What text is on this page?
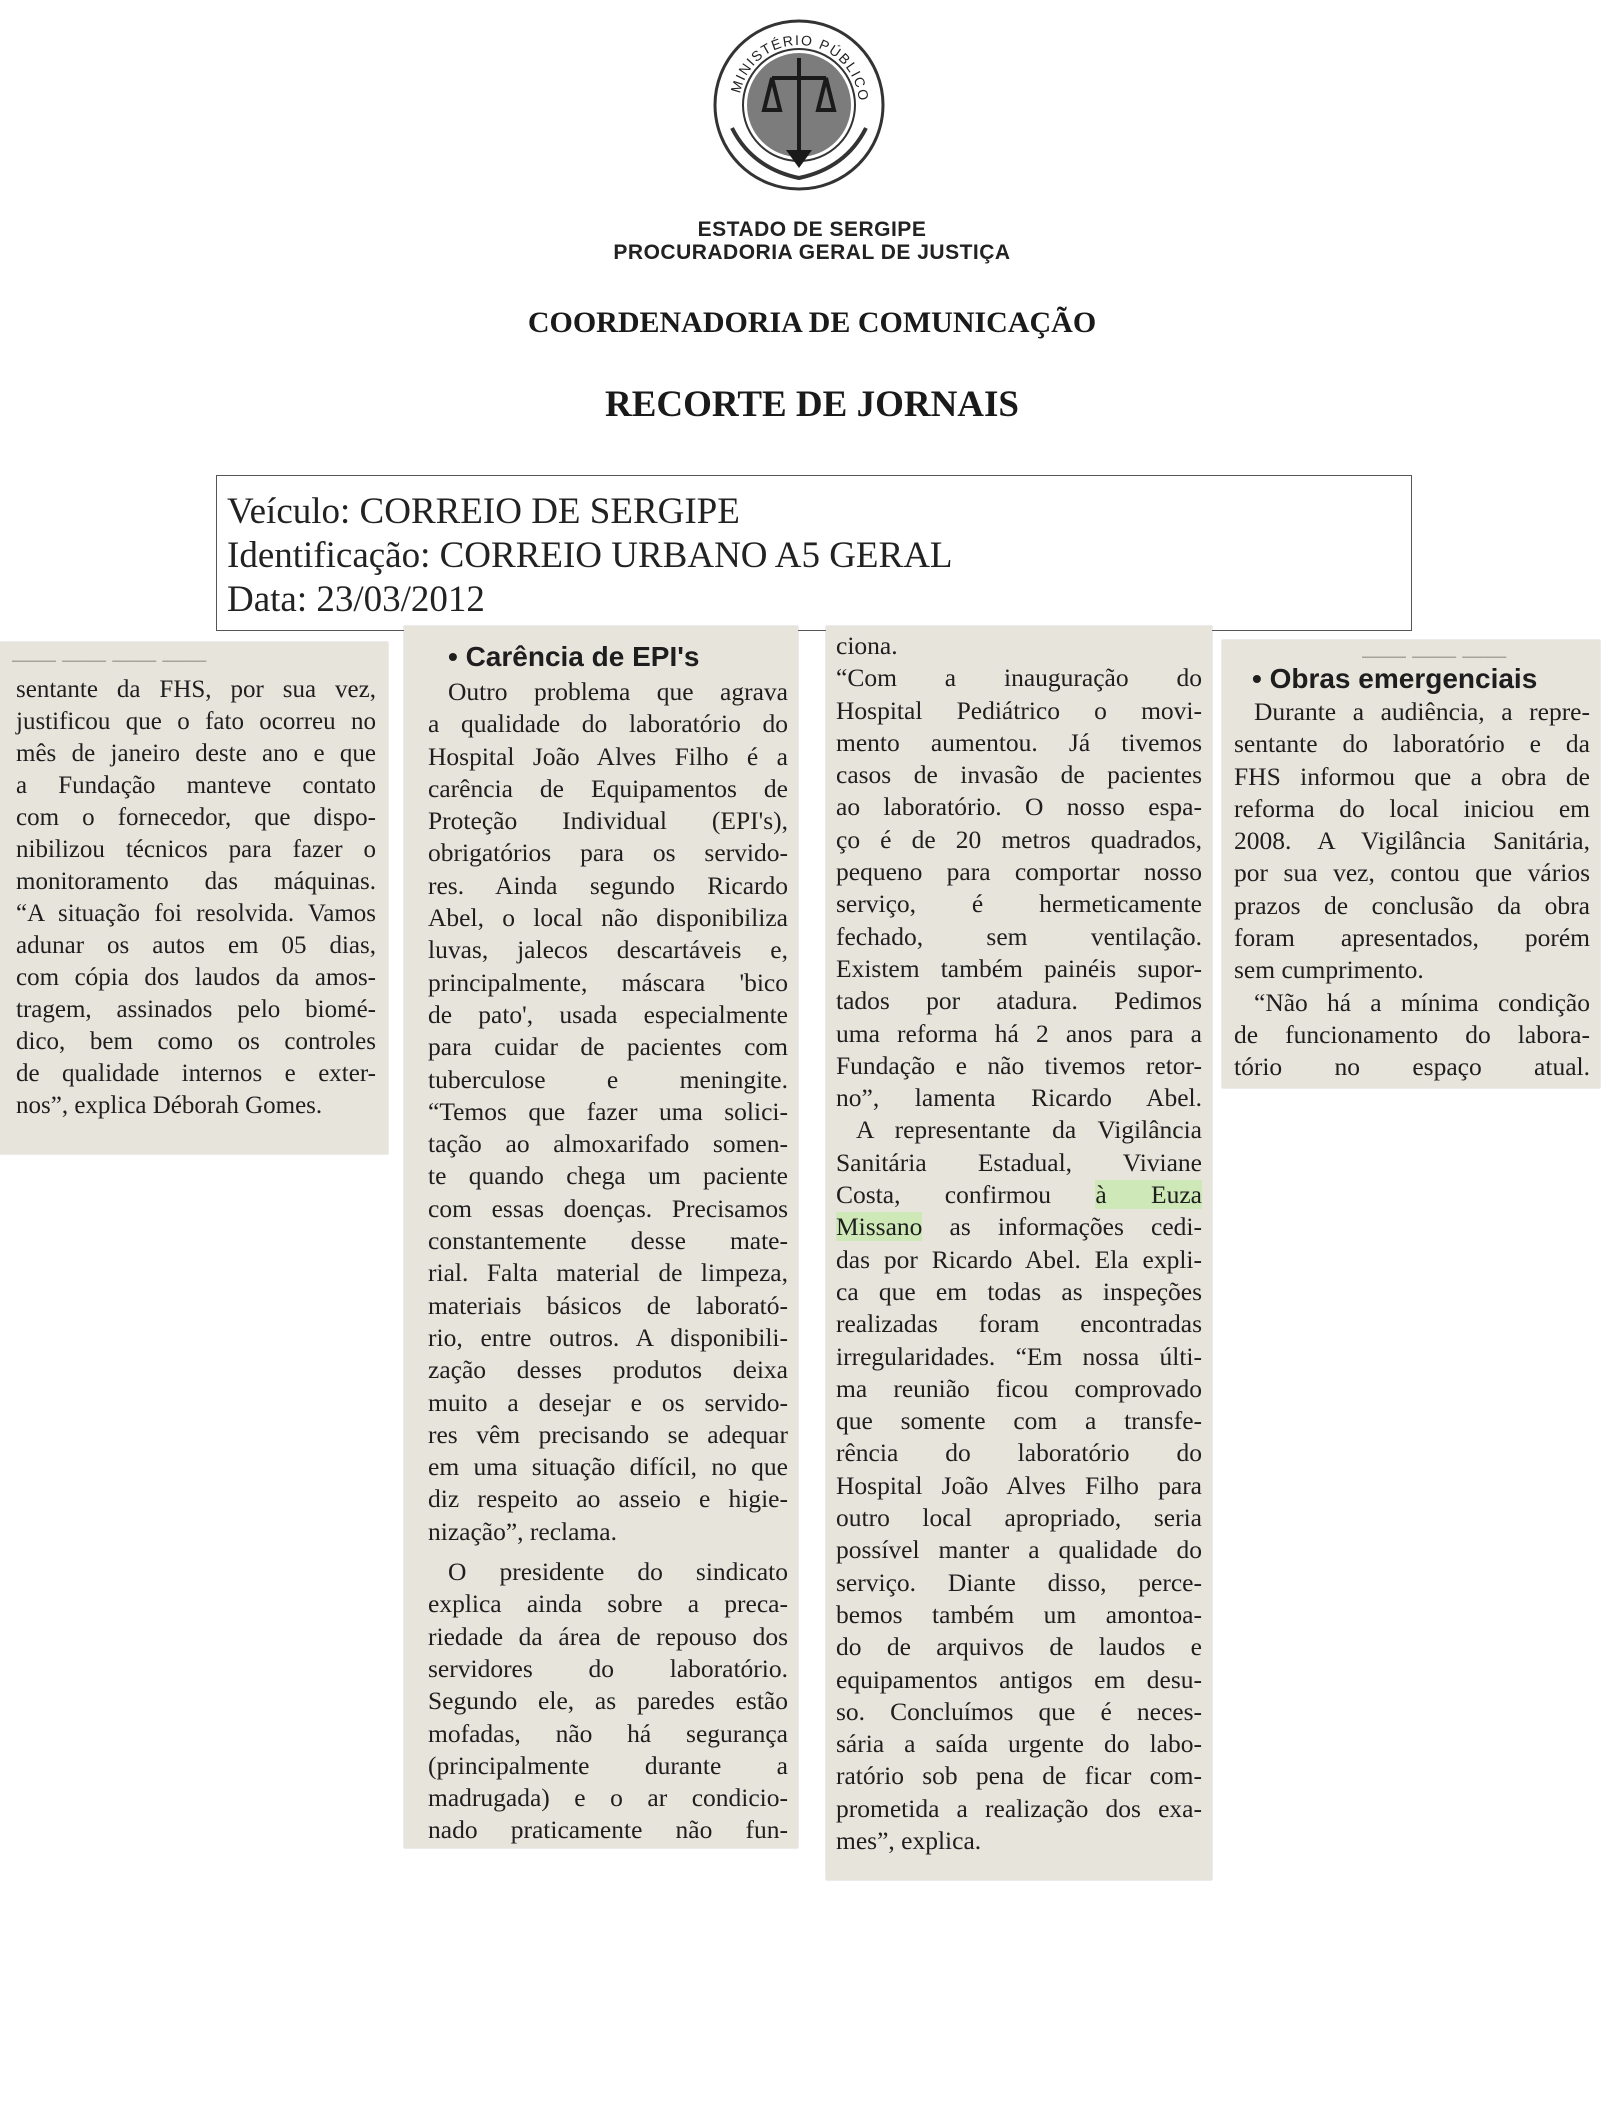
MINISTÉRIO PÚBLICO
ESTADO DE SERGIPE
PROCURADORIA GERAL DE JUSTIÇA
COORDENADORIA DE COMUNICAÇÃO
RECORTE DE JORNAIS
Veículo: CORREIO DE SERGIPE
Identificação: CORREIO URBANO A5 GERAL
Data: 23/03/2012
—— —— —— ——
sentante da FHS, por sua vez,
justificou que o fato ocorreu no
mês de janeiro deste ano e que
a Fundação manteve contato
com o fornecedor, que dispo-
nibilizou técnicos para fazer o
monitoramento das máquinas.
“A situação foi resolvida. Vamos
adunar os autos em 05 dias,
com cópia dos laudos da amos-
tragem, assinados pelo biomé-
dico, bem como os controles
de qualidade internos e exter-
nos”, explica Déborah Gomes.
• Carência de EPI's
Outro problema que agrava
a qualidade do laboratório do
Hospital João Alves Filho é a
carência de Equipamentos de
Proteção Individual (EPI's),
obrigatórios para os servido-
res. Ainda segundo Ricardo
Abel, o local não disponibiliza
luvas, jalecos descartáveis e,
principalmente, máscara 'bico
de pato', usada especialmente
para cuidar de pacientes com
tuberculose e meningite.
“Temos que fazer uma solici-
tação ao almoxarifado somen-
te quando chega um paciente
com essas doenças. Precisamos
constantemente desse mate-
rial. Falta material de limpeza,
materiais básicos de laborató-
rio, entre outros. A disponibili-
zação desses produtos deixa
muito a desejar e os servido-
res vêm precisando se adequar
em uma situação difícil, no que
diz respeito ao asseio e higie-
nização”, reclama.
O presidente do sindicato
explica ainda sobre a preca-
riedade da área de repouso dos
servidores do laboratório.
Segundo ele, as paredes estão
mofadas, não há segurança
(principalmente durante a
madrugada) e o ar condicio-
nado praticamente não fun-
ciona.
“Com a inauguração do
Hospital Pediátrico o movi-
mento aumentou. Já tivemos
casos de invasão de pacientes
ao laboratório. O nosso espa-
ço é de 20 metros quadrados,
pequeno para comportar nosso
serviço, é hermeticamente
fechado, sem ventilação.
Existem também painéis supor-
tados por atadura. Pedimos
uma reforma há 2 anos para a
Fundação e não tivemos retor-
no”, lamenta Ricardo Abel.
A representante da Vigilância
Sanitária Estadual, Viviane
Costa, confirmou à Euza
Missano as informações cedi-
das por Ricardo Abel. Ela expli-
ca que em todas as inspeções
realizadas foram encontradas
irregularidades. “Em nossa últi-
ma reunião ficou comprovado
que somente com a transfe-
rência do laboratório do
Hospital João Alves Filho para
outro local apropriado, seria
possível manter a qualidade do
serviço. Diante disso, perce-
bemos também um amontoa-
do de arquivos de laudos e
equipamentos antigos em desu-
so. Concluímos que é neces-
sária a saída urgente do labo-
ratório sob pena de ficar com-
prometida a realização dos exa-
mes”, explica.
—— —— ——
• Obras emergenciais
Durante a audiência, a repre-
sentante do laboratório e da
FHS informou que a obra de
reforma do local iniciou em
2008. A Vigilância Sanitária,
por sua vez, contou que vários
prazos de conclusão da obra
foram apresentados, porém
sem cumprimento.
“Não há a mínima condição
de funcionamento do labora-
tório no espaço atual.
